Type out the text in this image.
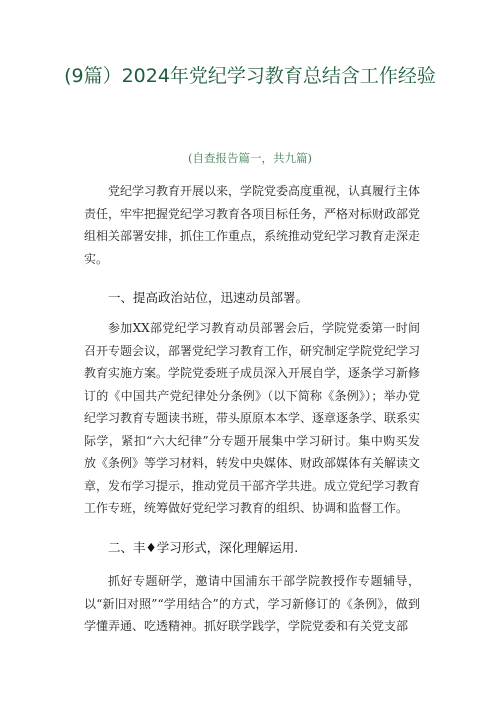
(9篇）2024年党纪学习教育总结含工作经验
(自查报告篇一，共九篇)

党纪学习教育开展以来，学院党委高度重视，认真履行主体责任，牢牢把握党纪学习教育各项目标任务，严格对标财政部党组相关部署安排，抓住工作重点，系统推动党纪学习教育走深走实。

一、提高政治站位，迅速动员部署。

参加XX部党纪学习教育动员部署会后，学院党委第一时间召开专题会议，部署党纪学习教育工作，研究制定学院党纪学习教育实施方案。学院党委班子成员深入开展自学，逐条学习新修订的《中国共产党纪律处分条例》（以下简称《条例》）；举办党纪学习教育专题读书班，带头原原本本学、逐章逐条学、联系实际学，紧扣“六大纪律”分专题开展集中学习研讨。集中购买发放《条例》等学习材料，转发中央媒体、财政部媒体有关解读文章，发布学习提示，推动党员干部齐学共进。成立党纪学习教育工作专班，统筹做好党纪学习教育的组织、协调和监督工作。

二、丰♦学习形式，深化理解运用.

抓好专题研学，邀请中国浦东干部学院教授作专题辅导，以“新旧对照”“学用结合”的方式，学习新修订的《条例》，做到学懂弄通、吃透精神。抓好联学践学，学院党委和有关党支部
